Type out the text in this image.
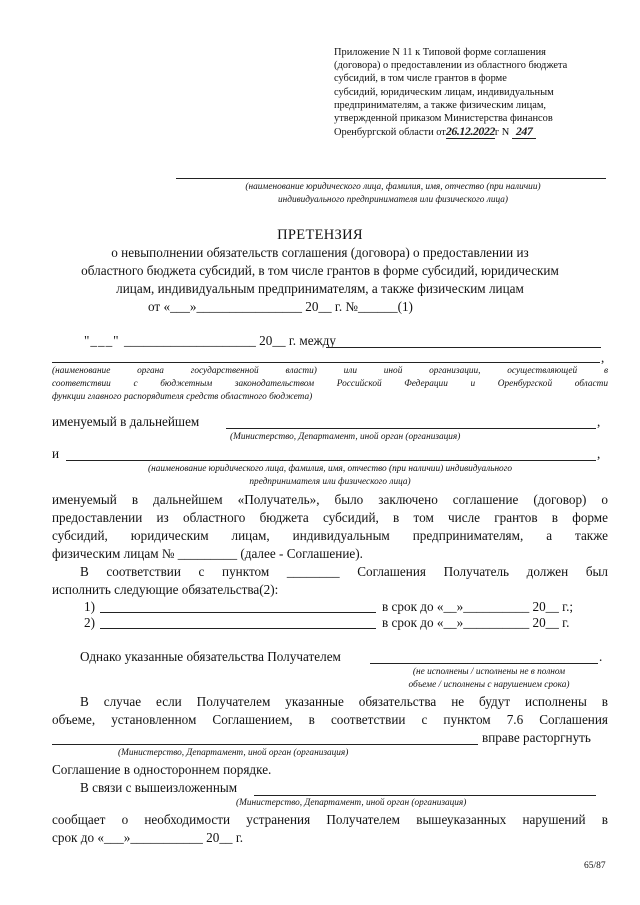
Приложение N 11 к Типовой форме соглашения
(договора) о предоставлении из областного бюджета
субсидий, в том числе грантов в форме
субсидий, юридическим лицам, индивидуальным
предпринимателям, а также физическим лицам,
утвержденной приказом Министерства финансов
Оренбургской области от26.12.2022г N 247
(наименование юридического лица, фамилия, имя, отчество (при наличии)
индивидуального предпринимателя или физического лица)
ПРЕТЕНЗИЯ
о невыполнении обязательств соглашения (договора) о предоставлении из
областного бюджета субсидий, в том числе грантов в форме субсидий, юридическим
лицам, индивидуальным предпринимателям, а также физическим лицам
от «___»________________ 20__ г. №______(1)
"___" ____________________ 20__ г. между
,
(наименование органа государственной власти) или иной организации, осуществляющей в
соответствии с бюджетным законодательством Российской Федерации и Оренбургской области
функции главного распорядителя средств областного бюджета)
именуемый в дальнейшем	,
(Министерство, Департамент, иной орган (организация)
и	,
(наименование юридического лица, фамилия, имя, отчество (при наличии) индивидуального
предпринимателя или физического лица)
именуемый в дальнейшем «Получатель», было заключено соглашение (договор) о
предоставлении из областного бюджета субсидий, в том числе грантов в форме
субсидий, юридическим лицам, индивидуальным предпринимателям, а также
физическим лицам № _________ (далее - Соглашение).
В соответствии с пунктом ________ Соглашения Получатель должен был
исполнить следующие обязательства(2):
1)	в срок до «__»__________ 20__ г.;
2)	в срок до «__»__________ 20__ г.
Однако указанные обязательства Получателем	.
(не исполнены / исполнены не в полном
объеме / исполнены с нарушением срока)
В случае если Получателем указанные обязательства не будут исполнены в
объеме, установленном Соглашением, в соответствии с пунктом 7.6 Соглашения
вправе расторгнуть
(Министерство, Департамент, иной орган (организация)
Соглашение в одностороннем порядке.
В связи с вышеизложенным
(Министерство, Департамент, иной орган (организация)
сообщает о необходимости устранения Получателем вышеуказанных нарушений в
срок до «___»___________ 20__ г.
65/87
